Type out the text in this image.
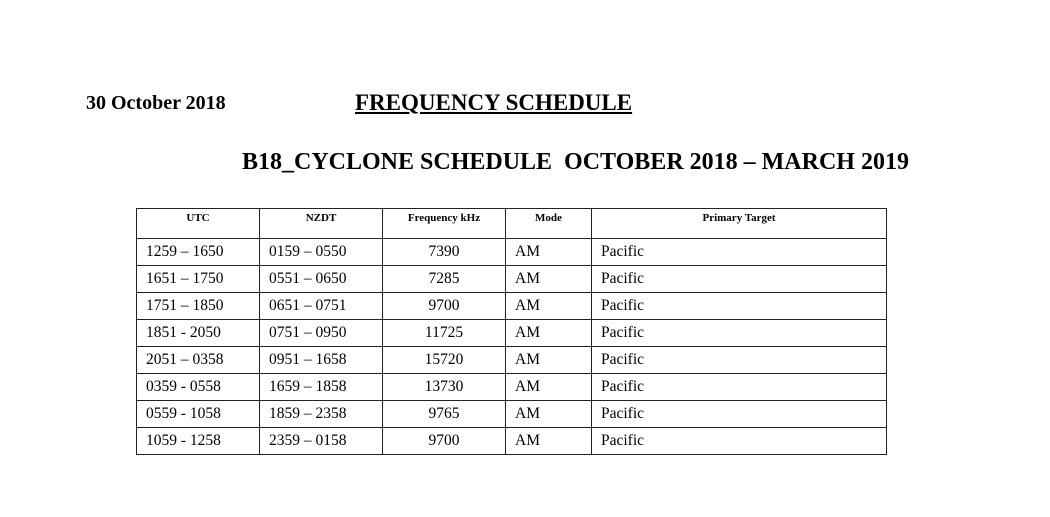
30 October 2018	FREQUENCY SCHEDULE
B18_CYCLONE SCHEDULE  OCTOBER 2018 – MARCH 2019
UTC	NZDT	Frequency kHz	Mode	Primary Target
1259 – 1650	0159 – 0550	7390	AM	Pacific
1651 – 1750	0551 – 0650	7285	AM	Pacific
1751 – 1850	0651 – 0751	9700	AM	Pacific
1851 - 2050	0751 – 0950	11725	AM	Pacific
2051 – 0358	0951 – 1658	15720	AM	Pacific
0359 - 0558	1659 – 1858	13730	AM	Pacific
0559 - 1058	1859 – 2358	9765	AM	Pacific
1059 - 1258	2359 – 0158	9700	AM	Pacific
